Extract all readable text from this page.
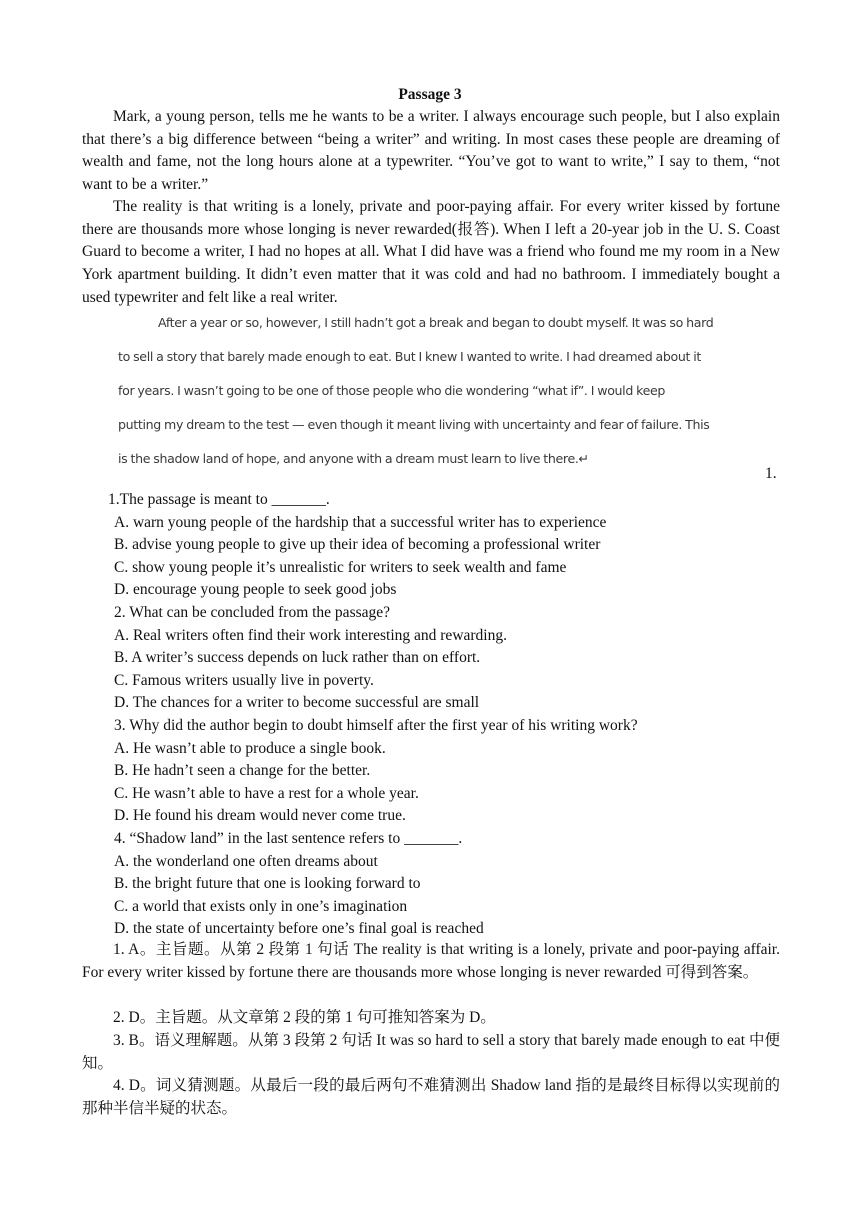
Passage 3

Mark, a young person, tells me he wants to be a writer. I always encourage such people, but I also explain that there’s a big difference between “being a writer” and writing. In most cases these people are dreaming of wealth and fame, not the long hours alone at a typewriter. “You’ve got to want to write,” I say to them, “not want to be a writer.”

The reality is that writing is a lonely, private and poor-paying affair. For every writer kissed by fortune there are thousands more whose longing is never rewarded(报答). When I left a 20-year job in the U. S. Coast Guard to become a writer, I had no hopes at all. What I did have was a friend who found me my room in a New York apartment building. It didn’t even matter that it was cold and had no bathroom. I immediately bought a used typewriter and felt like a real writer.

After a year or so, however, I still hadn’t got a break and began to doubt myself. It was so hard
to sell a story that barely made enough to eat. But I knew I wanted to write. I had dreamed about it
for years. I wasn’t going to be one of those people who die wondering “what if”. I would keep
putting my dream to the test — even though it meant living with uncertainty and fear of failure. This
is the shadow land of hope, and anyone with a dream must learn to live there.↵
1.
1.The passage is meant to _______.
A. warn young people of the hardship that a successful writer has to experience
B. advise young people to give up their idea of becoming a professional writer
C. show young people it’s unrealistic for writers to seek wealth and fame
D. encourage young people to seek good jobs
2. What can be concluded from the passage?
A. Real writers often find their work interesting and rewarding.
B. A writer’s success depends on luck rather than on effort.
C. Famous writers usually live in poverty.
D. The chances for a writer to become successful are small
3. Why did the author begin to doubt himself after the first year of his writing work?
A. He wasn’t able to produce a single book.
B. He hadn’t seen a change for the better.
C. He wasn’t able to have a rest for a whole year.
D. He found his dream would never come true.
4. “Shadow land” in the last sentence refers to _______.
A. the wonderland one often dreams about
B. the bright future that one is looking forward to
C. a world that exists only in one’s imagination
D. the state of uncertainty before one’s final goal is reached

1. A。主旨题。从第 2 段第 1 句话 The reality is that writing is a lonely, private and poor-paying affair. For every writer kissed by fortune there are thousands more whose longing is never rewarded 可得到答案。

2. D。主旨题。从文章第 2 段的第 1 句可推知答案为 D。

3. B。语义理解题。从第 3 段第 2 句话 It was so hard to sell a story that barely made enough to eat 中便知。

4. D。词义猜测题。从最后一段的最后两句不难猜测出 Shadow land 指的是最终目标得以实现前的那种半信半疑的状态。
